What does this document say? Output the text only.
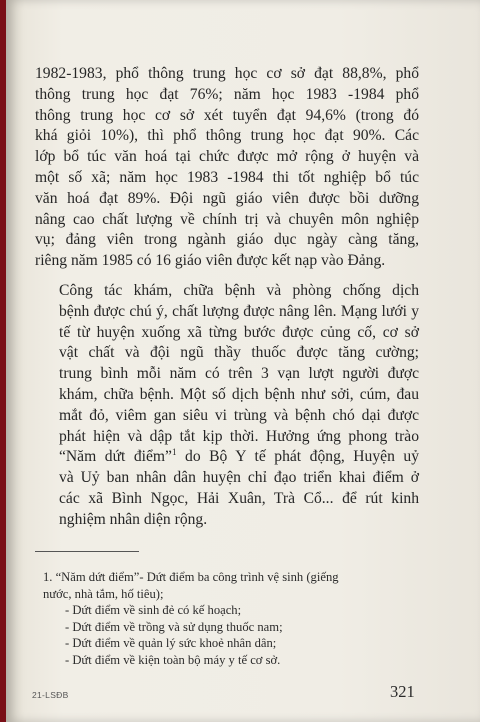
1982-1983, phổ thông trung học cơ sở đạt 88,8%, phổ
thông trung học đạt 76%; năm học 1983 -1984 phổ
thông trung học cơ sở xét tuyển đạt 94,6% (trong đó
khá giỏi 10%), thì phổ thông trung học đạt 90%. Các
lớp bổ túc văn hoá tại chức được mở rộng ở huyện và
một số xã; năm học 1983 -1984 thi tốt nghiệp bổ túc
văn hoá đạt 89%. Đội ngũ giáo viên được bồi dưỡng
nâng cao chất lượng về chính trị và chuyên môn nghiệp
vụ; đảng viên trong ngành giáo dục ngày càng tăng,
riêng năm 1985 có 16 giáo viên được kết nạp vào Đảng.

Công tác khám, chữa bệnh và phòng chống dịch
bệnh được chú ý, chất lượng được nâng lên. Mạng lưới y
tế từ huyện xuống xã từng bước được củng cố, cơ sở
vật chất và đội ngũ thầy thuốc được tăng cường;
trung bình mỗi năm có trên 3 vạn lượt người được
khám, chữa bệnh. Một số dịch bệnh như sởi, cúm, đau
mắt đỏ, viêm gan siêu vi trùng và bệnh chó dại được
phát hiện và dập tắt kịp thời. Hưởng ứng phong trào
“Năm dứt điểm”$^1$ do Bộ Y tế phát động, Huyện uỷ
và Uỷ ban nhân dân huyện chỉ đạo triển khai điểm ở
các xã Bình Ngọc, Hải Xuân, Trà Cổ... để rút kinh
nghiệm nhân diện rộng.

1. “Năm dứt điểm”- Dứt điểm ba công trình vệ sinh (giếng
nước, nhà tắm, hố tiêu);
- Dứt điểm về sinh đẻ có kế hoạch;
- Dứt điểm về trồng và sử dụng thuốc nam;
- Dứt điểm về quản lý sức khoẻ nhân dân;
- Dứt điểm về kiện toàn bộ máy y tế cơ sở.
21-LSĐB	321
